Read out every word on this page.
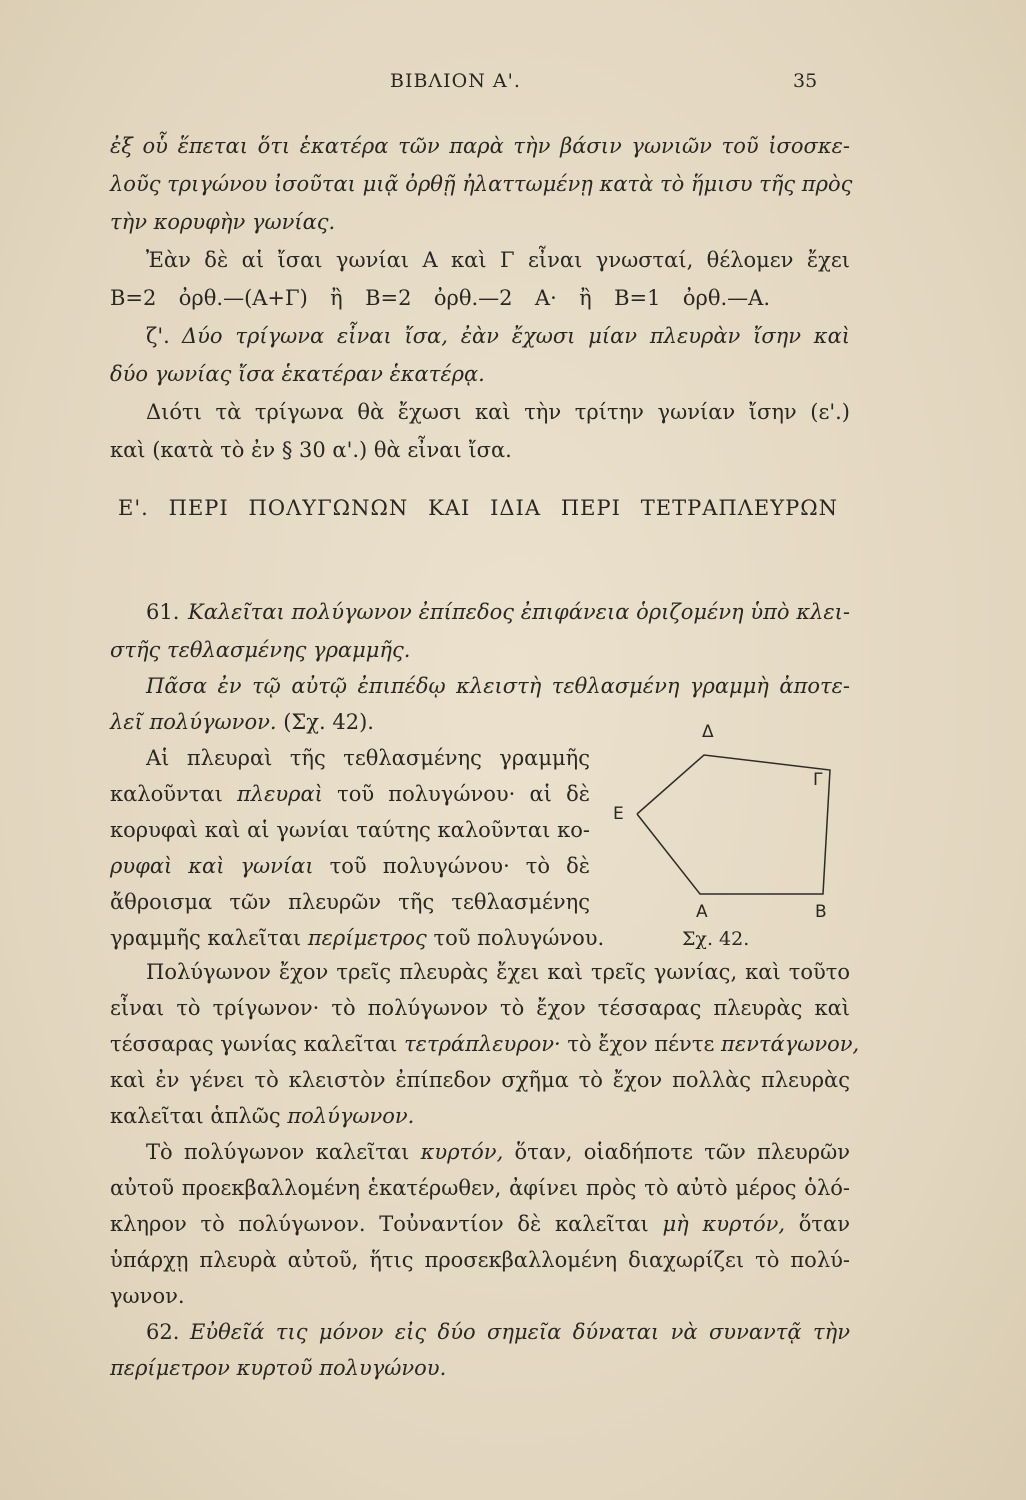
ΒΙΒΛΙΟΝ Α'.	35
ἐξ οὗ ἕπεται ὅτι ἑκατέρα τῶν παρὰ τὴν βάσιν γωνιῶν τοῦ ἰσοσκε-
λοῦς τριγώνου ἰσοῦται μιᾷ ὀρθῇ ἠλαττωμένῃ κατὰ τὸ ἥμισυ τῆς πρὸς
τὴν κορυφὴν γωνίας.
Ἐὰν δὲ αἱ ἴσαι γωνίαι Α καὶ Γ εἶναι γνωσταί, θέλομεν ἔχει
Β=2 ὀρθ.—(Α+Γ) ἢ Β=2 ὀρθ.—2 Α· ἢ Β=1 ὀρθ.—Α.
ζ'. Δύο τρίγωνα εἶναι ἴσα, ἐὰν ἔχωσι μίαν πλευρὰν ἴσην καὶ
δύο γωνίας ἴσα ἑκατέραν ἑκατέρᾳ.
Διότι τὰ τρίγωνα θὰ ἔχωσι καὶ τὴν τρίτην γωνίαν ἴσην (ε'.)
καὶ (κατὰ τὸ ἐν § 30 α'.) θὰ εἶναι ἴσα.
Ε'. ΠΕΡΙ ΠΟΛΥΓΩΝΩΝ ΚΑΙ ΙΔΙΑ ΠΕΡΙ ΤΕΤΡΑΠΛΕΥΡΩΝ
61. Καλεῖται πολύγωνον ἐπίπεδος ἐπιφάνεια ὁριζομένη ὑπὸ κλει-
στῆς τεθλασμένης γραμμῆς.
Πᾶσα ἐν τῷ αὐτῷ ἐπιπέδῳ κλειστὴ τεθλασμένη γραμμὴ ἀποτε-
λεῖ πολύγωνον. (Σχ. 42).
Αἱ πλευραὶ τῆς τεθλασμένης γραμμῆς
καλοῦνται πλευραὶ τοῦ πολυγώνου· αἱ δὲ
κορυφαὶ καὶ αἱ γωνίαι ταύτης καλοῦνται κο-
ρυφαὶ καὶ γωνίαι τοῦ πολυγώνου· τὸ δὲ
ἄθροισμα τῶν πλευρῶν τῆς τεθλασμένης
γραμμῆς καλεῖται περίμετρος τοῦ πολυγώνου.
Δ
Γ
Ε
Α	Β
Σχ. 42.
Πολύγωνον ἔχον τρεῖς πλευρὰς ἔχει καὶ τρεῖς γωνίας, καὶ τοῦτο
εἶναι τὸ τρίγωνον· τὸ πολύγωνον τὸ ἔχον τέσσαρας πλευρὰς καὶ
τέσσαρας γωνίας καλεῖται τετράπλευρον· τὸ ἔχον πέντε πεντάγωνον,
καὶ ἐν γένει τὸ κλειστὸν ἐπίπεδον σχῆμα τὸ ἔχον πολλὰς πλευρὰς
καλεῖται ἁπλῶς πολύγωνον.
Τὸ πολύγωνον καλεῖται κυρτόν, ὅταν, οἱαδήποτε τῶν πλευρῶν
αὐτοῦ προεκβαλλομένη ἑκατέρωθεν, ἀφίνει πρὸς τὸ αὐτὸ μέρος ὁλό-
κληρον τὸ πολύγωνον. Τοὐναντίον δὲ καλεῖται μὴ κυρτόν, ὅταν
ὑπάρχῃ πλευρὰ αὐτοῦ, ἥτις προσεκβαλλομένη διαχωρίζει τὸ πολύ-
γωνον.
62. Εὐθεῖά τις μόνον εἰς δύο σημεῖα δύναται νὰ συναντᾷ τὴν
περίμετρον κυρτοῦ πολυγώνου.
